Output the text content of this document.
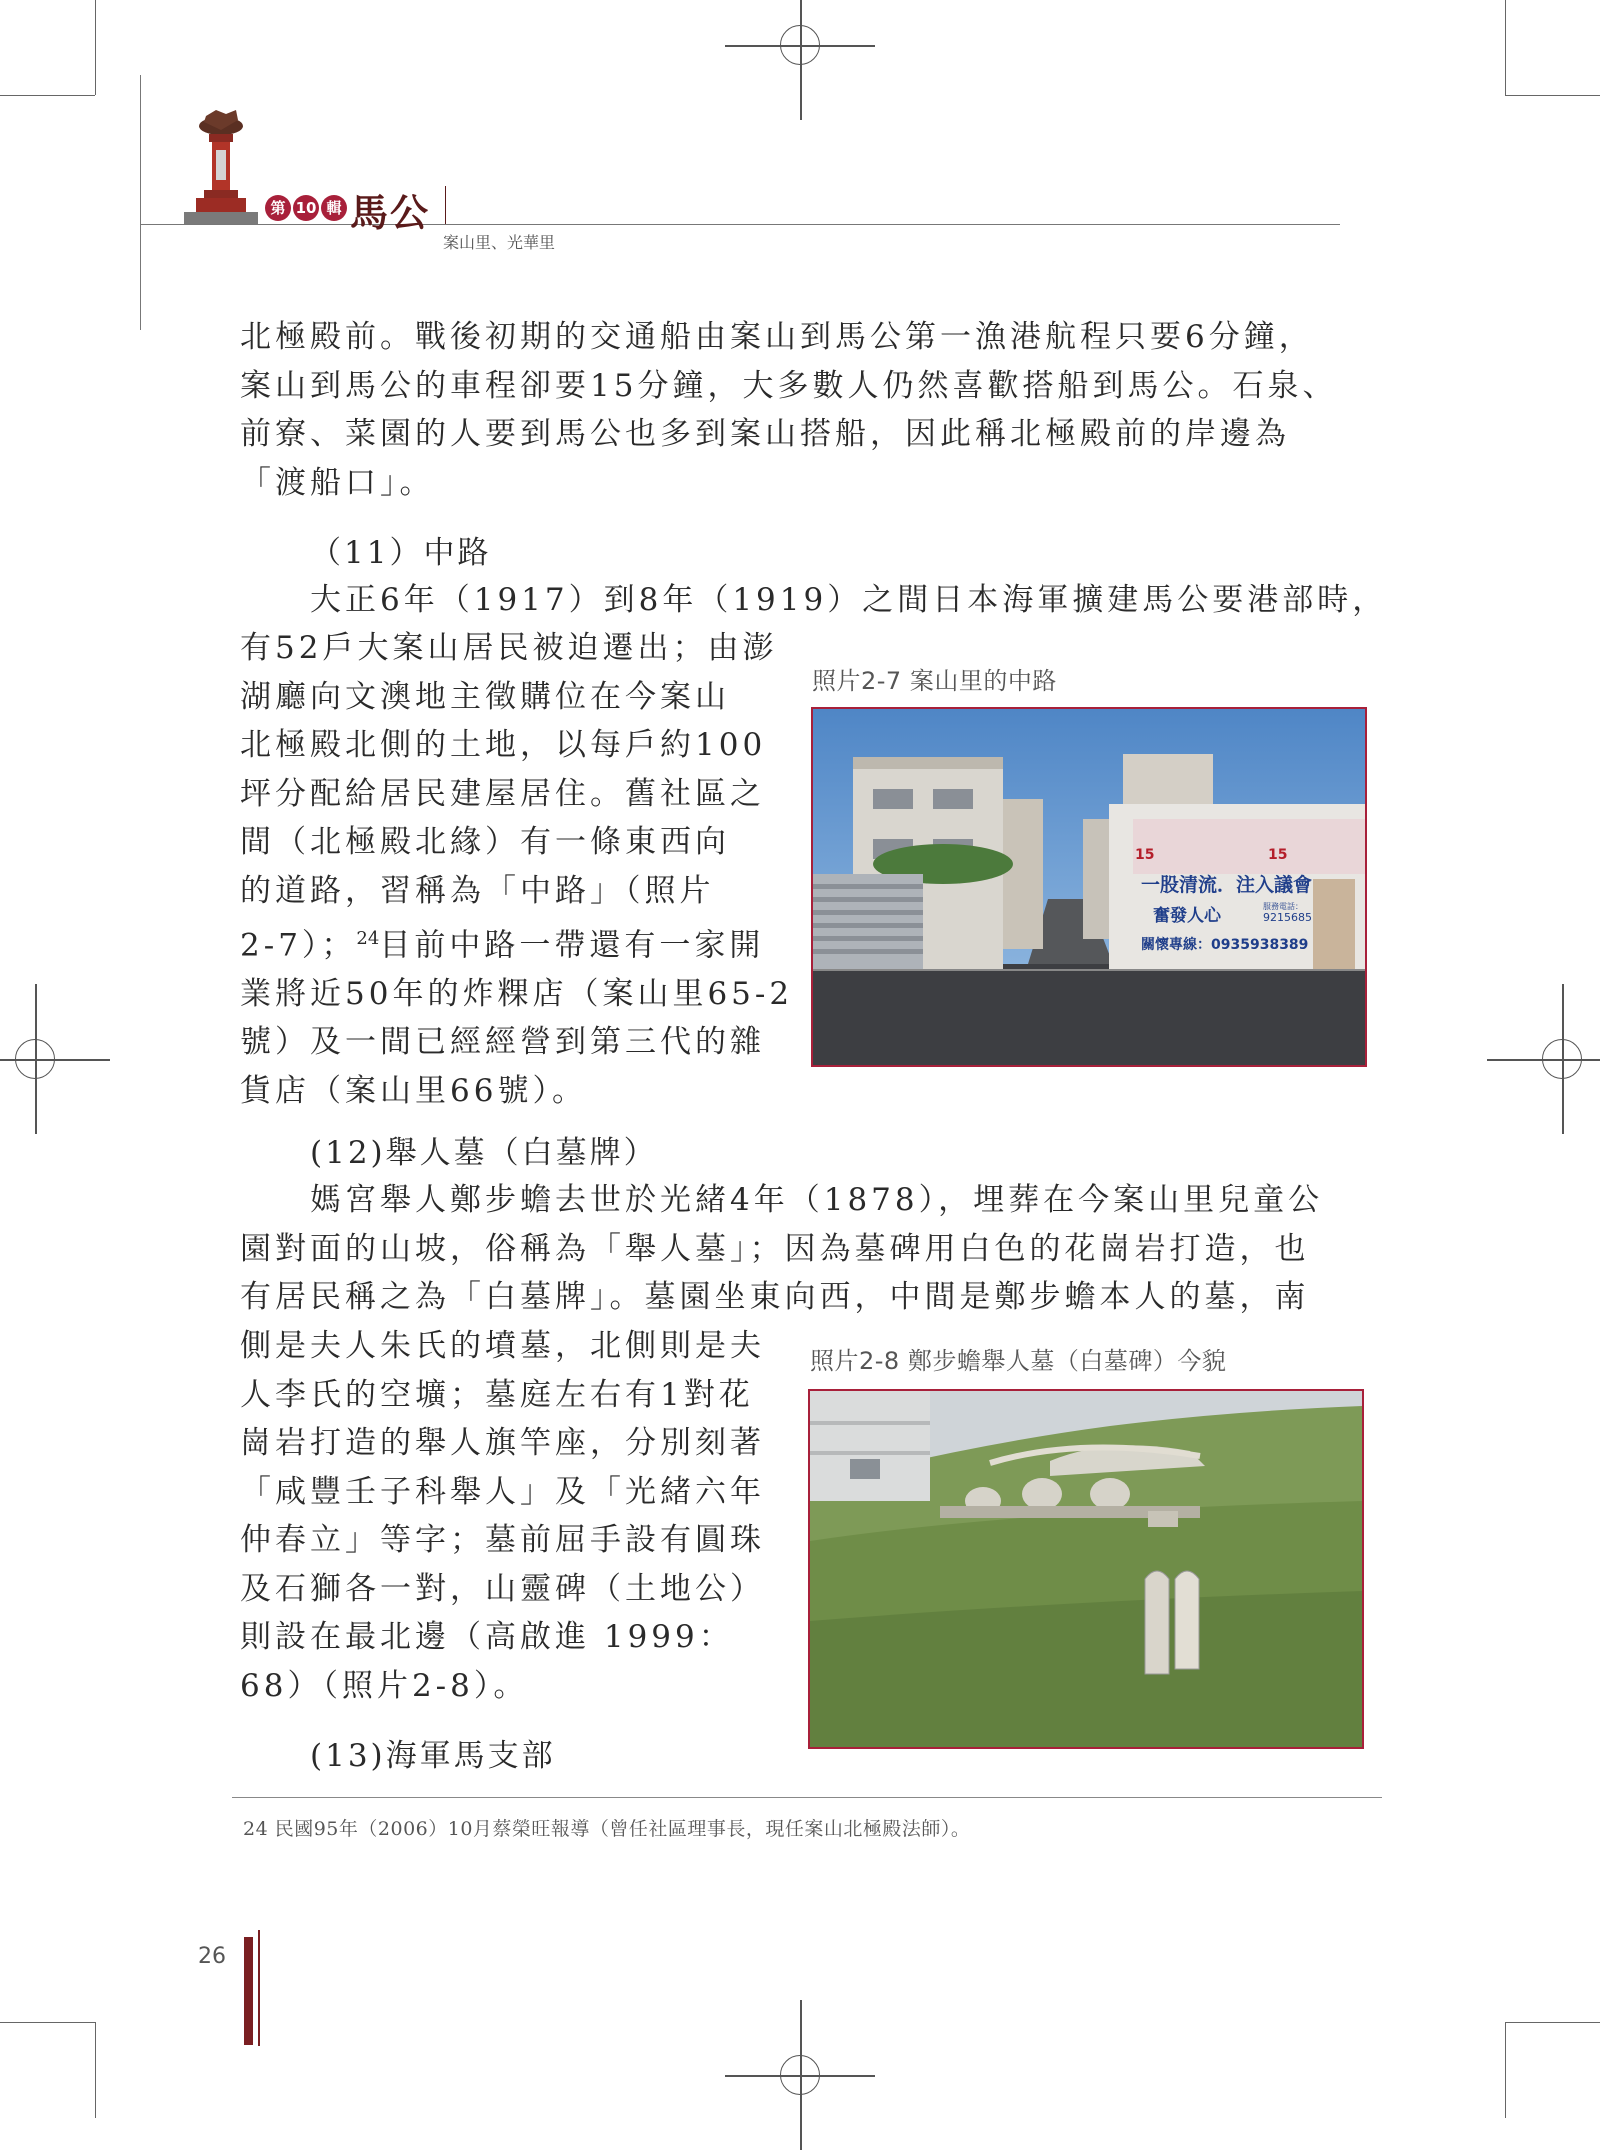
第 10 輯 馬公
案山里、光華里
北極殿前。戰後初期的交通船由案山到馬公第一漁港航程只要6分鐘，
案山到馬公的車程卻要15分鐘，大多數人仍然喜歡搭船到馬公。石泉、
前寮、菜園的人要到馬公也多到案山搭船，因此稱北極殿前的岸邊為
「渡船口」。
（11）中路
大正6年（1917）到8年（1919）之間日本海軍擴建馬公要港部時，
有52戶大案山居民被迫遷出；由澎
湖廳向文澳地主徵購位在今案山
北極殿北側的土地，以每戶約100
坪分配給居民建屋居住。舊社區之
間（北極殿北緣）有一條東西向
的道路，習稱為「中路」（照片
2-7）；$^{24}$目前中路一帶還有一家開
業將近50年的炸粿店（案山里65-2
號）及一間已經經營到第三代的雜
貨店（案山里66號）。
照片2-7 案山里的中路
15	15
一股清流．注入議會
奮發人心	服務電話：
9215685
關懷專線：0935938389
(12)舉人墓（白墓牌）
媽宮舉人鄭步蟾去世於光緒4年（1878），埋葬在今案山里兒童公
園對面的山坡，俗稱為「舉人墓」；因為墓碑用白色的花崗岩打造，也
有居民稱之為「白墓牌」。墓園坐東向西，中間是鄭步蟾本人的墓，南
側是夫人朱氏的墳墓，北側則是夫
人李氏的空壙；墓庭左右有1對花
崗岩打造的舉人旗竿座，分別刻著
「咸豐壬子科舉人」及「光緒六年
仲春立」等字；墓前屈手設有圓珠
及石獅各一對，山靈碑（土地公）
則設在最北邊（高啟進 1999：
68）（照片2-8）。
照片2-8 鄭步蟾舉人墓（白墓碑）今貌
(13)海軍馬支部
24 民國95年（2006）10月蔡榮旺報導（曾任社區理事長，現任案山北極殿法師）。
26
